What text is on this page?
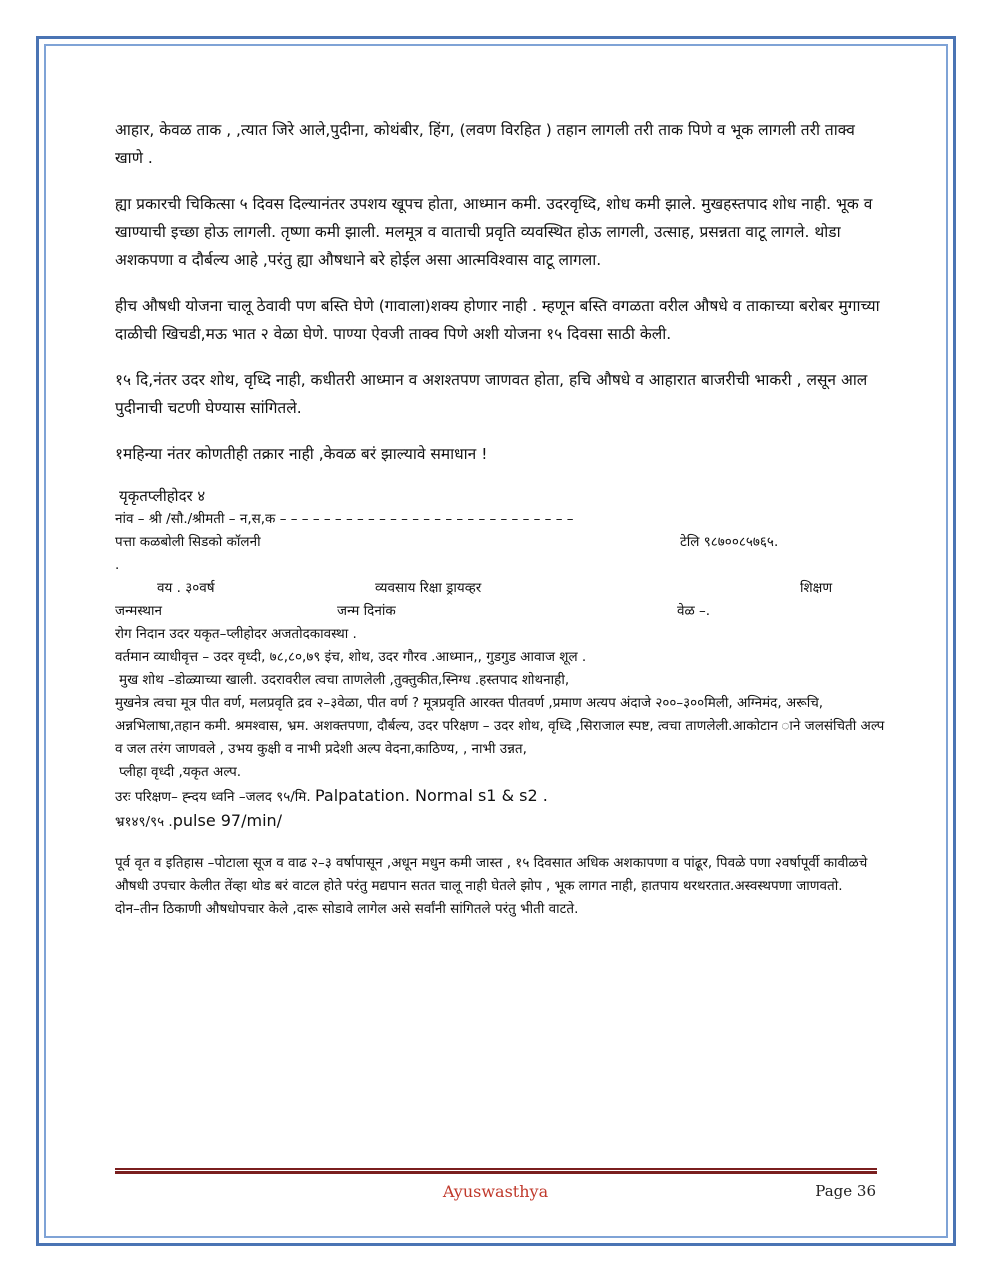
आहार, केवळ ताक , ,त्यात जिरे आले,पुदीना, कोथंबीर, हिंग, (लवण विरहित ) तहान लागली तरी ताक पिणे व भूक लागली तरी ताक्व खाणे .

ह्या प्रकारची चिकित्सा ५ दिवस दिल्यानंतर उपशय खूपच होता, आध्मान कमी. उदरवृध्दि, शोध कमी झाले. मुखहस्तपाद शोध नाही. भूक व खाण्याची इच्छा होऊ लागली. तृष्णा कमी झाली. मलमूत्र व वाताची प्रवृति व्यवस्थित होऊ लागली, उत्साह, प्रसन्नता वाटू लागले. थोडा अशकपणा व दौर्बल्य आहे ,परंतु ह्या औषधाने बरे होईल असा आत्मविश्वास वाटू लागला.

हीच औषधी योजना चालू ठेवावी पण बस्ति घेणे (गावाला)शक्य होणार नाही . म्हणून बस्ति वगळता वरील औषधे व ताकाच्या बरोबर मुगाच्या दाळीची खिचडी,मऊ भात २ वेळा घेणे. पाण्या ऐवजी ताक्व पिणे अशी योजना १५ दिवसा साठी केली.

१५ दि,नंतर उदर शोथ, वृध्दि नाही, कधीतरी आध्मान व अशश्तपण जाणवत होता, हचि औषधे व आहारात बाजरीची भाकरी , लसून आल पुदीनाची चटणी घेण्यास सांगितले.

१महिन्या नंतर कोणतीही तक्रार नाही ,केवळ बरं झाल्यावे समाधान !

यृकृतप्लीहोदर ४
नांव – श्री /सौ./श्रीमती – न,स,क – – – – – – – – – – – – – – – – – – – – – – – – – – –
पत्ता कळबोली सिडको कॉलनी	टेलि ९८७००८५७६५.
.
वय . ३०वर्ष	व्यवसाय रिक्षा ड्रायव्हर	शिक्षण
जन्मस्थान	जन्म दिनांक	वेळ –.
रोग निदान उदर यकृत–प्लीहोदर अजतोदकावस्था .
वर्तमान व्याधीवृत्त – उदर वृध्दी, ७८,८०,७९ इंच, शोथ, उदर गौरव .आध्मान,, गुडगुड आवाज शूल .
मुख शोथ –डोळ्याच्या खाली. उदरावरील त्वचा ताणलेली ,तुक्तुकीत,स्निग्ध .हस्तपाद शोथनाही,
मुखनेत्र त्वचा मूत्र पीत वर्ण, मलप्रवृति द्रव २–३वेळा, पीत वर्ण ? मूत्रप्रवृति आरक्त पीतवर्ण ,प्रमाण अत्यप अंदाजे २००–३००मिली, अग्निमंद, अरूचि, अन्नभिलाषा,तहान कमी. श्रमश्वास, भ्रम. अशक्तपणा, दौर्बल्य, उदर परिक्षण – उदर शोथ, वृध्दि ,सिराजाल स्पष्ट, त्वचा ताणलेली.आकोटान ाने जलसंचिती अल्प व जल तरंग जाणवले , उभय कुक्षी व नाभी प्रदेशी अल्प वेदना,काठिण्य, , नाभी उन्नत,
प्लीहा वृध्दी ,यकृत अल्प.
उरः परिक्षण– ह्न्दय ध्वनि –जलद ९५/मि. Palpatation. Normal s1 & s2 .
भ्र१४९/९५ .pulse 97/min/
पूर्व वृत व इतिहास –पोटाला सूज व वाढ २–३ वर्षापासून ,अधून मधुन कमी जास्त , १५ दिवसात अधिक अशकापणा व पांढूर, पिवळे पणा २वर्षापूर्वी कावीळचे औषधी उपचार केलीत तेंव्हा थोड बरं वाटल होते परंतु मद्यपान सतत चालू नाही घेतले झोप , भूक लागत नाही, हातपाय थरथरतात.अस्वस्थपणा जाणवतो.
दोन–तीन ठिकाणी औषधोपचार केले ,दारू सोडावे लागेल असे सर्वांनी सांगितले परंतु भीती वाटते.
Ayuswasthya	Page 36
